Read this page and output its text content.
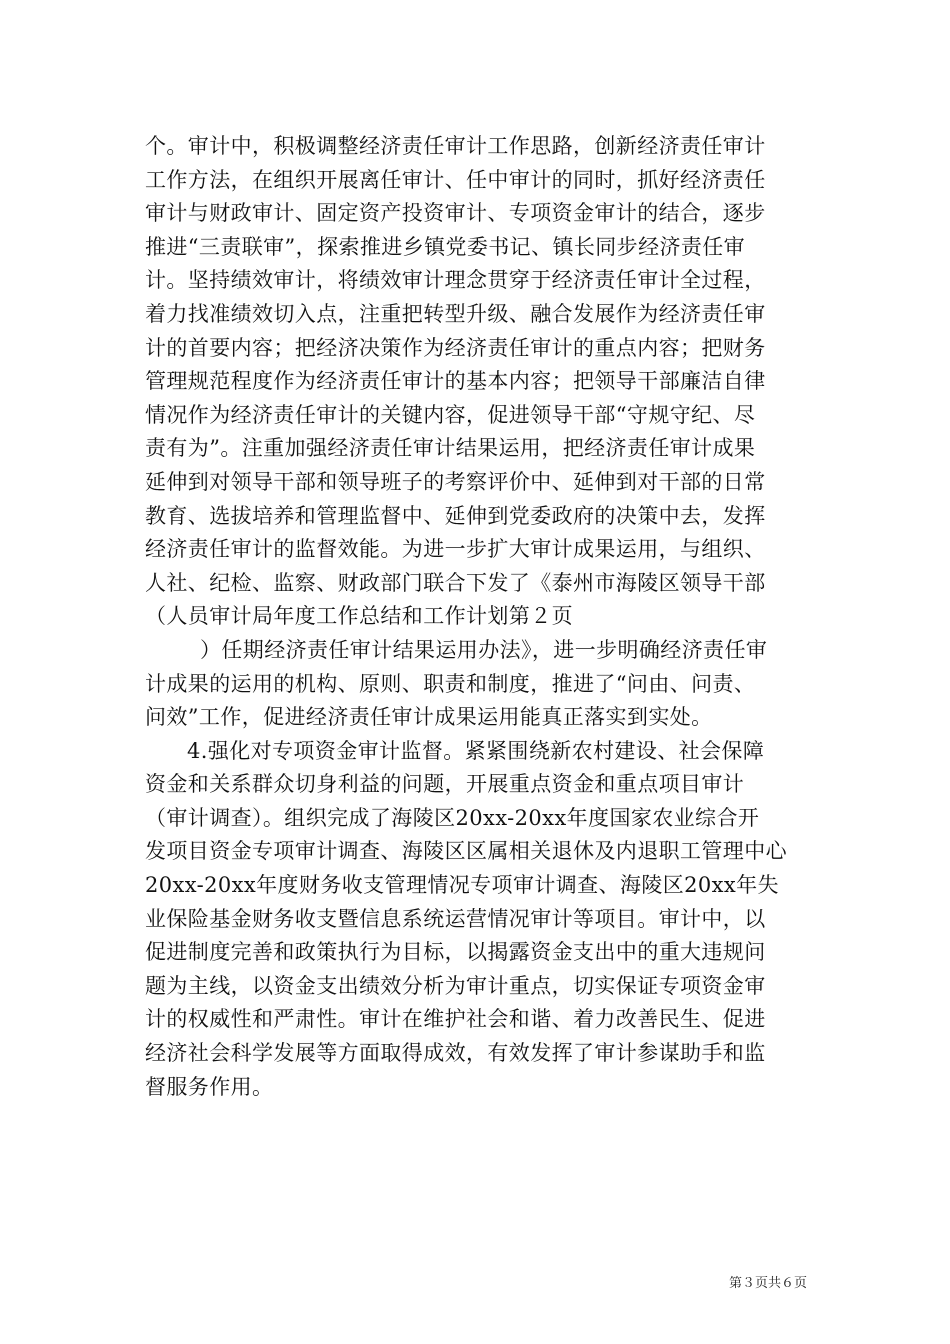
个。审计中，积极调整经济责任审计工作思路，创新经济责任审计
工作方法，在组织开展离任审计、任中审计的同时，抓好经济责任
审计与财政审计、固定资产投资审计、专项资金审计的结合，逐步
推进“三责联审”，探索推进乡镇党委书记、镇长同步经济责任审
计。坚持绩效审计，将绩效审计理念贯穿于经济责任审计全过程，
着力找准绩效切入点，注重把转型升级、融合发展作为经济责任审
计的首要内容；把经济决策作为经济责任审计的重点内容；把财务
管理规范程度作为经济责任审计的基本内容；把领导干部廉洁自律
情况作为经济责任审计的关键内容，促进领导干部“守规守纪、尽
责有为”。注重加强经济责任审计结果运用，把经济责任审计成果
延伸到对领导干部和领导班子的考察评价中、延伸到对干部的日常
教育、选拔培养和管理监督中、延伸到党委政府的决策中去，发挥
经济责任审计的监督效能。为进一步扩大审计成果运用，与组织、
人社、纪检、监察、财政部门联合下发了《泰州市海陵区领导干部
（人员审计局年度工作总结和工作计划第２页
）任期经济责任审计结果运用办法》，进一步明确经济责任审
计成果的运用的机构、原则、职责和制度，推进了“问由、问责、
问效”工作，促进经济责任审计成果运用能真正落实到实处。
4.强化对专项资金审计监督。紧紧围绕新农村建设、社会保障
资金和关系群众切身利益的问题，开展重点资金和重点项目审计
（审计调查）。组织完成了海陵区20xx-20xx年度国家农业综合开
发项目资金专项审计调查、海陵区区属相关退休及内退职工管理中心
20xx-20xx年度财务收支管理情况专项审计调查、海陵区20xx年失
业保险基金财务收支暨信息系统运营情况审计等项目。审计中，以
促进制度完善和政策执行为目标，以揭露资金支出中的重大违规问
题为主线，以资金支出绩效分析为审计重点，切实保证专项资金审
计的权威性和严肃性。审计在维护社会和谐、着力改善民生、促进
经济社会科学发展等方面取得成效，有效发挥了审计参谋助手和监
督服务作用。
第３页共６页
